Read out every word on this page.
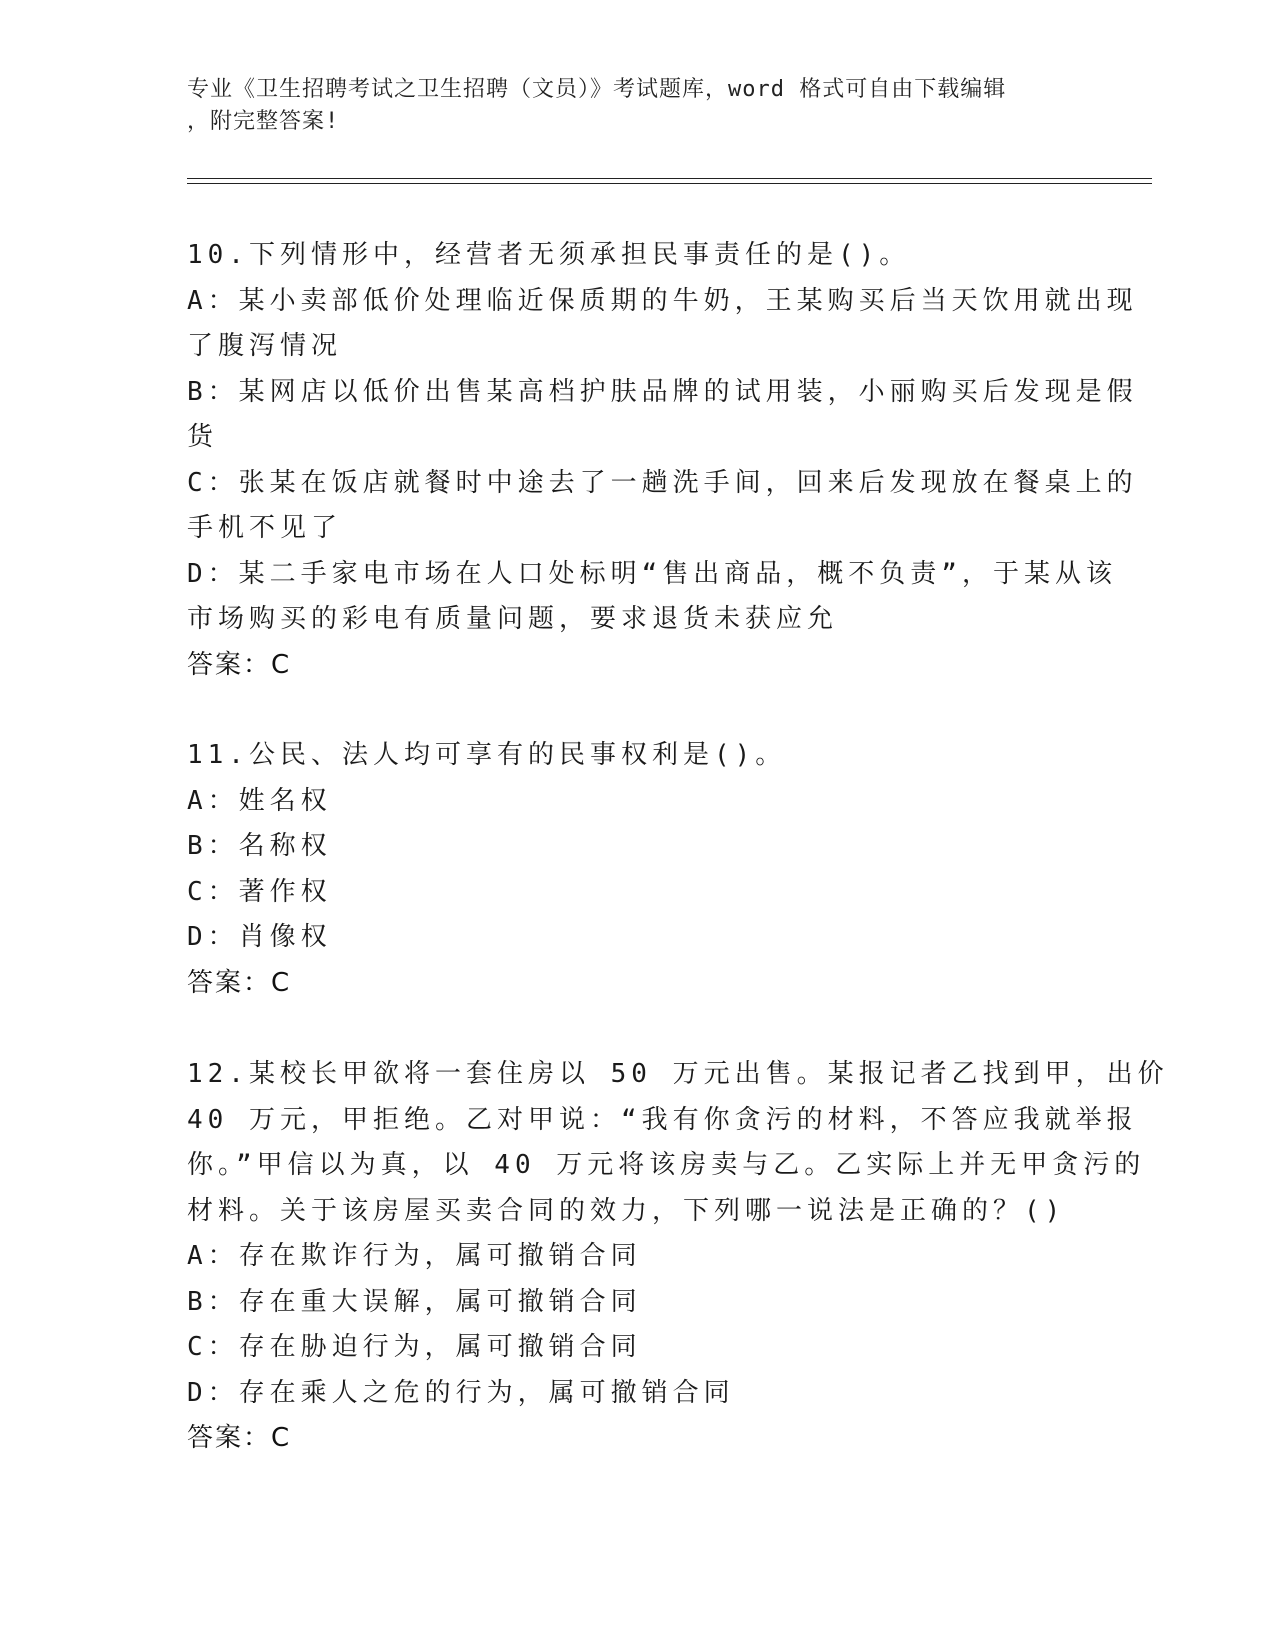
专业《卫生招聘考试之卫生招聘（文员）》考试题库，word 格式可自由下载编辑
，附完整答案!
10.下列情形中，经营者无须承担民事责任的是()。
A：某小卖部低价处理临近保质期的牛奶，王某购买后当天饮用就出现
了腹泻情况
B：某网店以低价出售某高档护肤品牌的试用装，小丽购买后发现是假
货
C：张某在饭店就餐时中途去了一趟洗手间，回来后发现放在餐桌上的
手机不见了
D：某二手家电市场在人口处标明“售出商品，概不负责”，于某从该
市场购买的彩电有质量问题，要求退货未获应允
答案：C
11.公民、法人均可享有的民事权利是()。
A：姓名权
B：名称权
C：著作权
D：肖像权
答案：C
12.某校长甲欲将一套住房以 50 万元出售。某报记者乙找到甲，出价
40 万元，甲拒绝。乙对甲说：“我有你贪污的材料，不答应我就举报
你。”甲信以为真，以 40 万元将该房卖与乙。乙实际上并无甲贪污的
材料。关于该房屋买卖合同的效力，下列哪一说法是正确的？()
A：存在欺诈行为，属可撤销合同
B：存在重大误解，属可撤销合同
C：存在胁迫行为，属可撤销合同
D：存在乘人之危的行为，属可撤销合同
答案：C
